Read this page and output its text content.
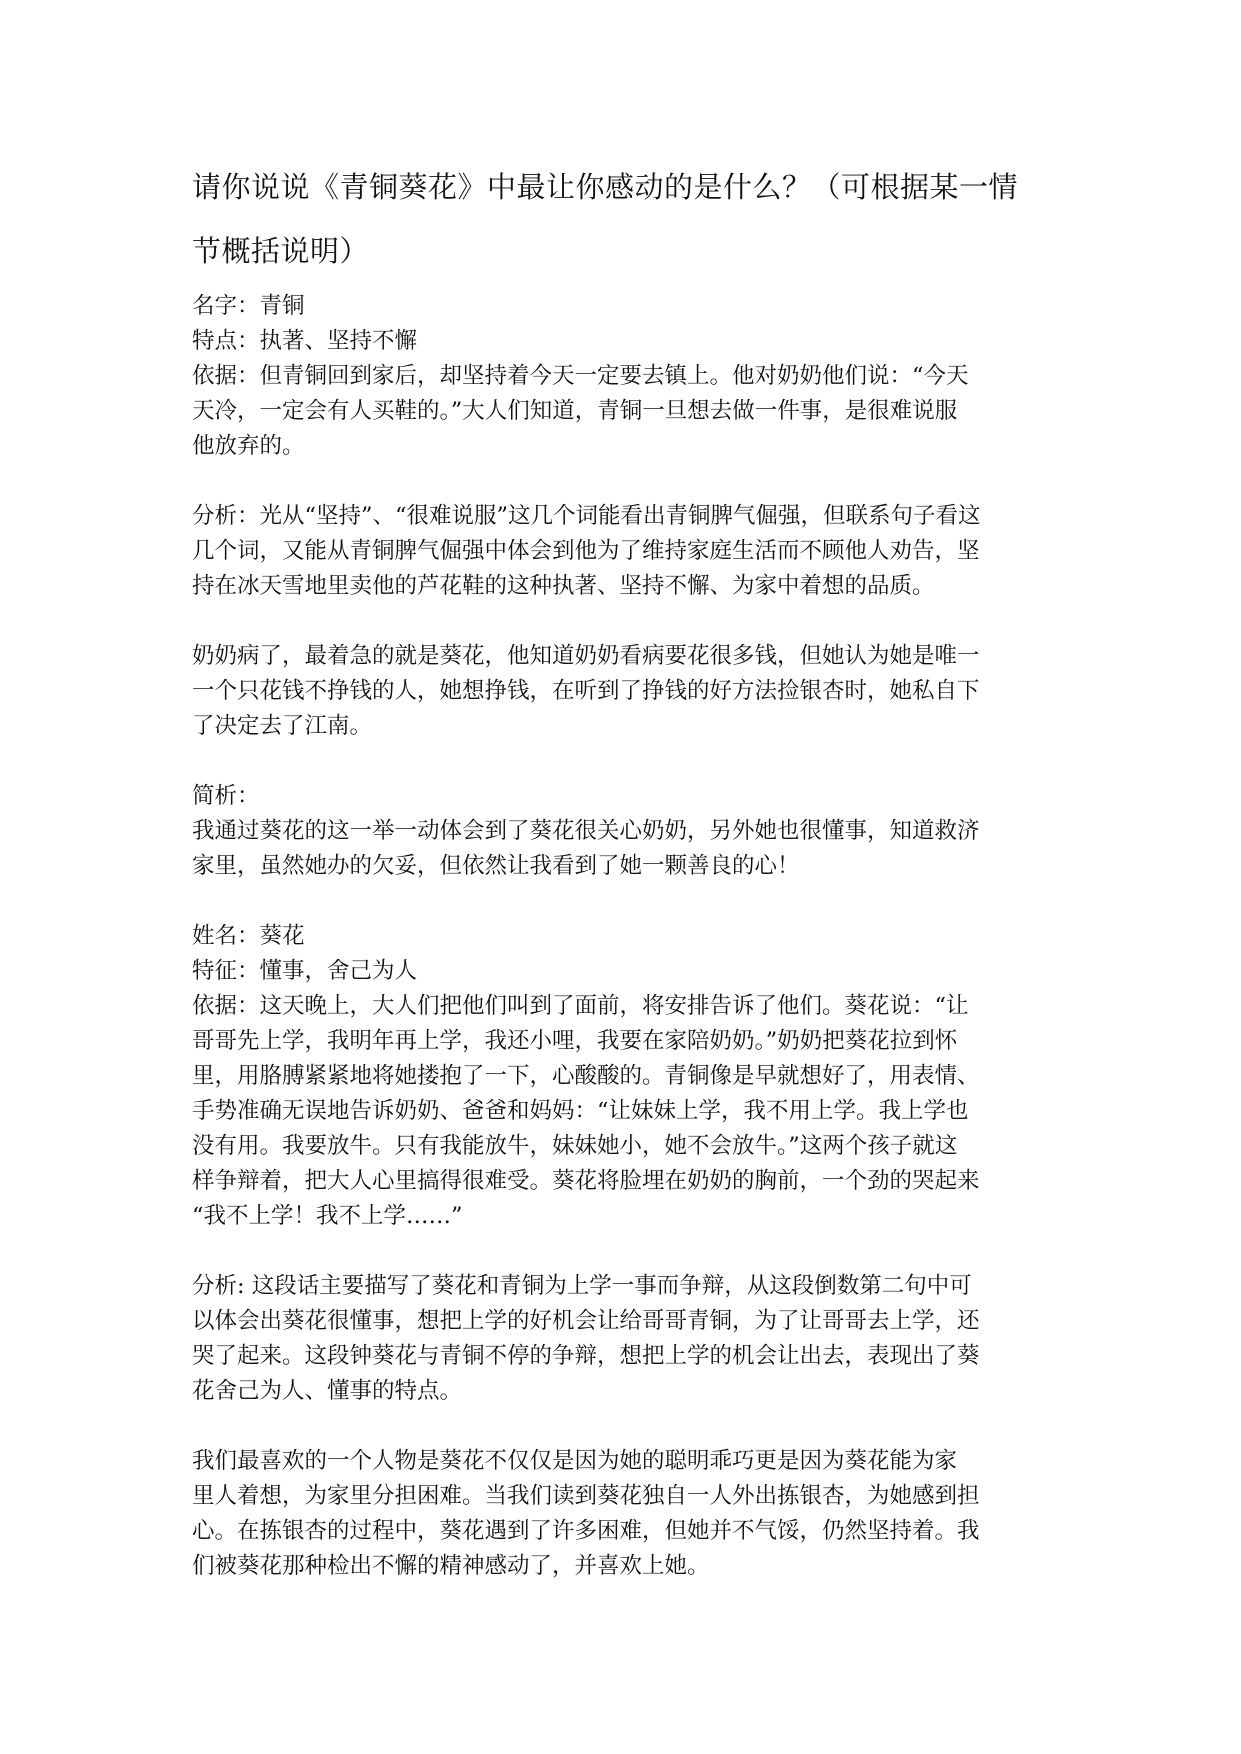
请你说说《青铜葵花》中最让你感动的是什么？（可根据某一情
节概括说明）

名字：青铜

特点：执著、坚持不懈

依据：但青铜回到家后，却坚持着今天一定要去镇上。他对奶奶他们说：“今天

天冷，一定会有人买鞋的。”大人们知道，青铜一旦想去做一件事，是很难说服

他放弃的。

分析：光从“坚持”、“很难说服”这几个词能看出青铜脾气倔强，但联系句子看这

几个词，又能从青铜脾气倔强中体会到他为了维持家庭生活而不顾他人劝告，坚

持在冰天雪地里卖他的芦花鞋的这种执著、坚持不懈、为家中着想的品质。

奶奶病了，最着急的就是葵花，他知道奶奶看病要花很多钱，但她认为她是唯一

一个只花钱不挣钱的人，她想挣钱，在听到了挣钱的好方法捡银杏时，她私自下

了决定去了江南。

简析：

我通过葵花的这一举一动体会到了葵花很关心奶奶，另外她也很懂事，知道救济

家里，虽然她办的欠妥，但依然让我看到了她一颗善良的心！

姓名：葵花

特征：懂事，舍己为人

依据：这天晚上，大人们把他们叫到了面前，将安排告诉了他们。葵花说：“让

哥哥先上学，我明年再上学，我还小哩，我要在家陪奶奶。”奶奶把葵花拉到怀

里，用胳膊紧紧地将她搂抱了一下，心酸酸的。青铜像是早就想好了，用表情、

手势准确无误地告诉奶奶、爸爸和妈妈：“让妹妹上学，我不用上学。我上学也

没有用。我要放牛。只有我能放牛，妹妹她小，她不会放牛。”这两个孩子就这

样争辩着，把大人心里搞得很难受。葵花将脸埋在奶奶的胸前，一个劲的哭起来

“我不上学！我不上学……”

分析: 这段话主要描写了葵花和青铜为上学一事而争辩，从这段倒数第二句中可

以体会出葵花很懂事，想把上学的好机会让给哥哥青铜，为了让哥哥去上学，还

哭了起来。这段钟葵花与青铜不停的争辩，想把上学的机会让出去，表现出了葵

花舍己为人、懂事的特点。

我们最喜欢的一个人物是葵花不仅仅是因为她的聪明乖巧更是因为葵花能为家

里人着想，为家里分担困难。当我们读到葵花独自一人外出拣银杏，为她感到担

心。在拣银杏的过程中，葵花遇到了许多困难，但她并不气馁，仍然坚持着。我

们被葵花那种检出不懈的精神感动了，并喜欢上她。
